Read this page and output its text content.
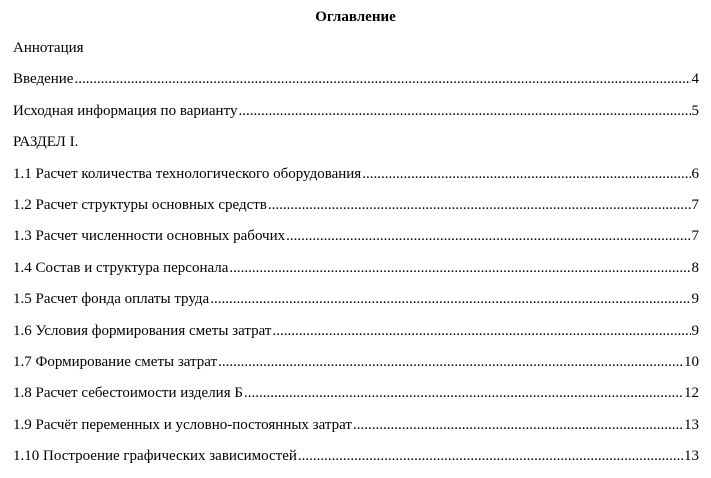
Оглавление
Аннотация
Введение .....	4
Исходная информация по варианту .....	5
РАЗДЕЛ I.
1.1 Расчет количества технологического оборудования .....	6
1.2 Расчет структуры основных средств .....	7
1.3 Расчет численности основных рабочих .....	7
1.4 Состав и структура персонала .....	8
1.5 Расчет фонда оплаты труда .....	9
1.6 Условия формирования сметы затрат .....	9
1.7 Формирование сметы затрат .....	10
1.8 Расчет себестоимости изделия Б .....	12
1.9 Расчёт переменных и условно-постоянных затрат .....	13
1.10 Построение графических зависимостей .....	13
